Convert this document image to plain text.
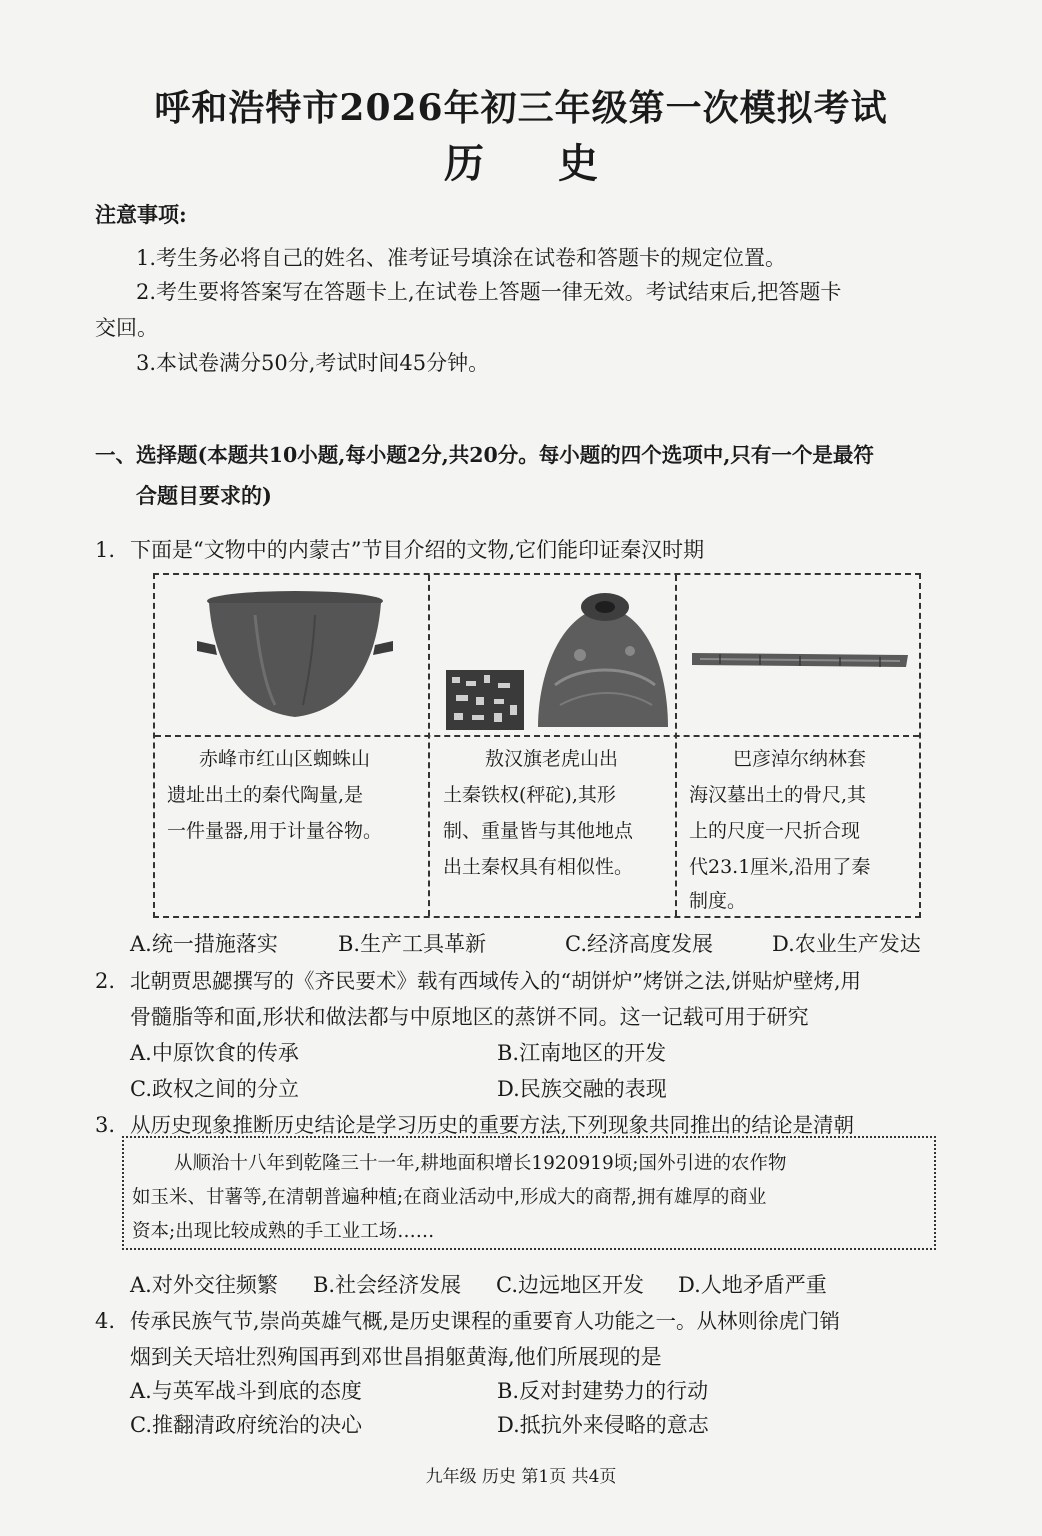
呼和浩特市2026年初三年级第一次模拟考试
历 史
注意事项:
1.考生务必将自己的姓名、准考证号填涂在试卷和答题卡的规定位置。
2.考生要将答案写在答题卡上,在试卷上答题一律无效。考试结束后,把答题卡
交回。
3.本试卷满分50分,考试时间45分钟。
一、选择题(本题共10小题,每小题2分,共20分。每小题的四个选项中,只有一个是最符
合题目要求的)
1. 下面是“文物中的内蒙古”节目介绍的文物,它们能印证秦汉时期
赤峰市红山区蜘蛛山
遗址出土的秦代陶量,是
一件量器,用于计量谷物。
敖汉旗老虎山出
土秦铁权(秤砣),其形
制、重量皆与其他地点
出土秦权具有相似性。
巴彦淖尔纳林套
海汉墓出土的骨尺,其
上的尺度一尺折合现
代23.1厘米,沿用了秦
制度。
A.统一措施落实	B.生产工具革新	C.经济高度发展	D.农业生产发达
2. 北朝贾思勰撰写的《齐民要术》载有西域传入的“胡饼炉”烤饼之法,饼贴炉壁烤,用
骨髓脂等和面,形状和做法都与中原地区的蒸饼不同。这一记载可用于研究
A.中原饮食的传承	B.江南地区的开发
C.政权之间的分立	D.民族交融的表现
3. 从历史现象推断历史结论是学习历史的重要方法,下列现象共同推出的结论是清朝
从顺治十八年到乾隆三十一年,耕地面积增长1920919顷;国外引进的农作物
如玉米、甘薯等,在清朝普遍种植;在商业活动中,形成大的商帮,拥有雄厚的商业
资本;出现比较成熟的手工业工场……
A.对外交往频繁 B.社会经济发展 C.边远地区开发 D.人地矛盾严重
4. 传承民族气节,崇尚英雄气概,是历史课程的重要育人功能之一。从林则徐虎门销
烟到关天培壮烈殉国再到邓世昌捐躯黄海,他们所展现的是
A.与英军战斗到底的态度	B.反对封建势力的行动
C.推翻清政府统治的决心	D.抵抗外来侵略的意志
九年级 历史 第1页 共4页
